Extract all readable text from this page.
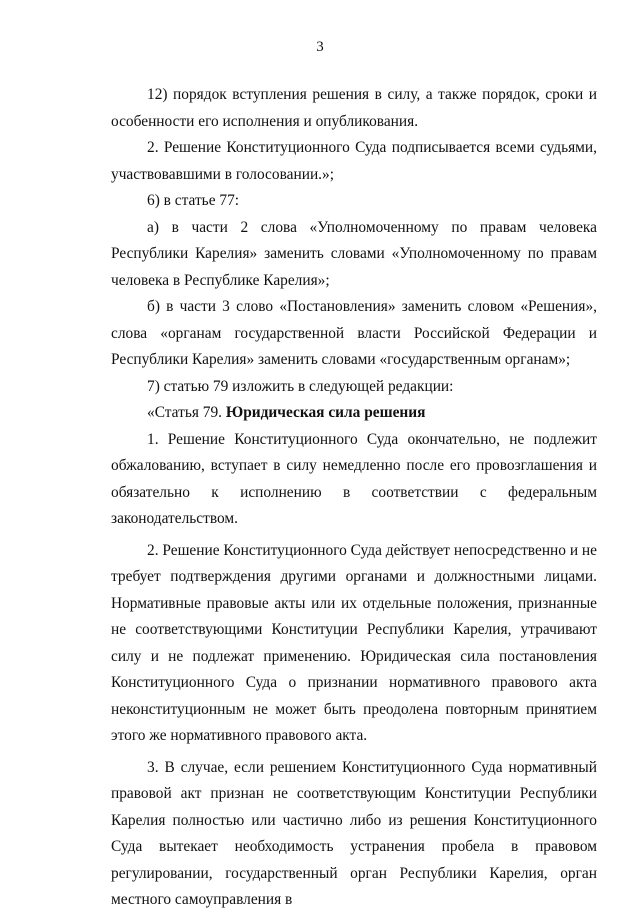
3

12) порядок вступления решения в силу, а также порядок, сроки и особенности его исполнения и опубликования.

2. Решение Конституционного Суда подписывается всеми судьями, участвовавшими в голосовании.»;

6) в статье 77:

а) в части 2 слова «Уполномоченному по правам человека Республики Карелия» заменить словами «Уполномоченному по правам человека в Республике Карелия»;

б) в части 3 слово «Постановления» заменить словом «Решения», слова «органам государственной власти Российской Федерации и Республики Карелия» заменить словами «государственным органам»;

7) статью 79 изложить в следующей редакции:

«Статья 79. Юридическая сила решения

1. Решение Конституционного Суда окончательно, не подлежит обжалованию, вступает в силу немедленно после его провозглашения и обязательно к исполнению в соответствии с федеральным законодательством.

2. Решение Конституционного Суда действует непосредственно и не требует подтверждения другими органами и должностными лицами. Нормативные правовые акты или их отдельные положения, признанные не соответствующими Конституции Республики Карелия, утрачивают силу и не подлежат применению. Юридическая сила постановления Конституционного Суда о признании нормативного правового акта неконституционным не может быть преодолена повторным принятием этого же нормативного правового акта.

3. В случае, если решением Конституционного Суда нормативный правовой акт признан не соответствующим Конституции Республики Карелия полностью или частично либо из решения Конституционного Суда вытекает необходимость устранения пробела в правовом регулировании, государственный орган Республики Карелия, орган местного самоуправления в
